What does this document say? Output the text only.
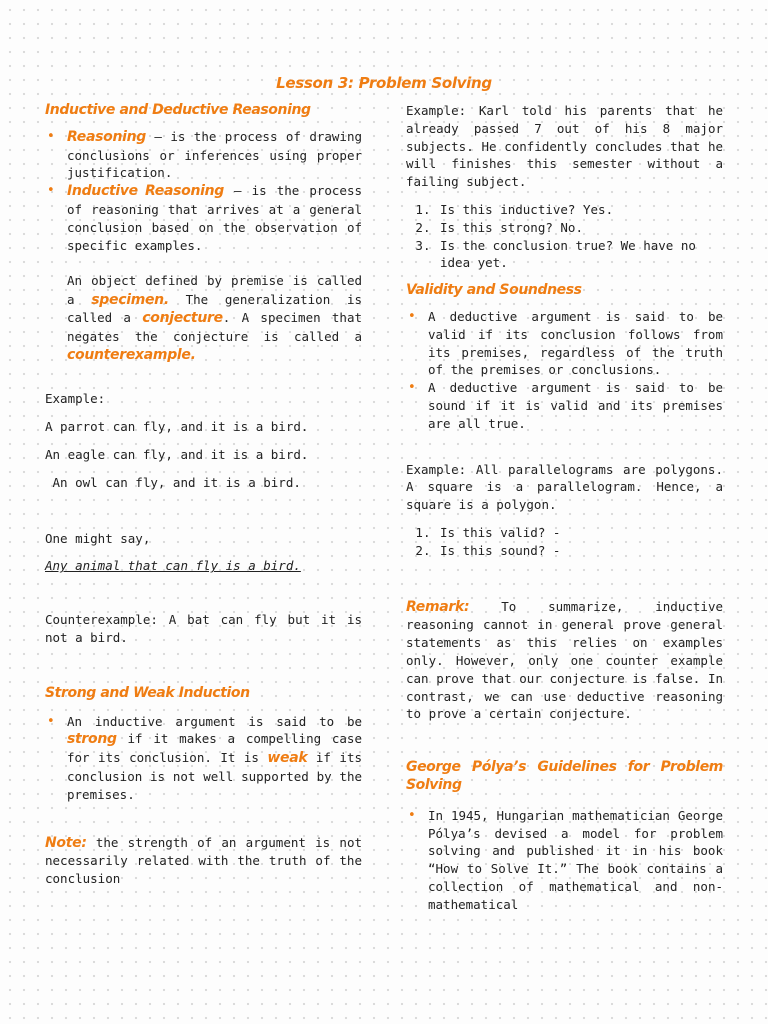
Lesson 3: Problem Solving
Inductive and Deductive Reasoning
• Reasoning – is the process of drawing conclusions or inferences using proper justification.
• Inductive Reasoning — is the process of reasoning that arrives at a general conclusion based on the observation of specific examples.

An object defined by premise is called a specimen. The generalization is called a conjecture. A specimen that negates the conjecture is called a counterexample.

Example:

A parrot can fly, and it is a bird.

An eagle can fly, and it is a bird.

An owl can fly, and it is a bird.

One might say,

Any animal that can fly is a bird.

Counterexample: A bat can fly but it is not a bird.

Strong and Weak Induction
• An inductive argument is said to be strong if it makes a compelling case for its conclusion. It is weak if its conclusion is not well supported by the premises.

Note: the strength of an argument is not necessarily related with the truth of the conclusion

Example: Karl told his parents that he already passed 7 out of his 8 major subjects. He confidently concludes that he will finishes this semester without a failing subject.

1. Is this inductive? Yes.
2. Is this strong? No.
3. Is the conclusion true? We have no idea yet.
Validity and Soundness
• A deductive argument is said to be valid if its conclusion follows from its premises, regardless of the truth of the premises or conclusions.
• A deductive argument is said to be sound if it is valid and its premises are all true.

Example: All parallelograms are polygons. A square is a parallelogram. Hence, a square is a polygon.

1. Is this valid? -
2. Is this sound? -

Remark: To summarize, inductive reasoning cannot in general prove general statements as this relies on examples only. However, only one counter example can prove that our conjecture is false. In contrast, we can use deductive reasoning to prove a certain conjecture.

George Pólya’s Guidelines for Problem Solving
• In 1945, Hungarian mathematician George Pólya’s devised a model for problem solving and published it in his book “How to Solve It.” The book contains a collection of mathematical and non-mathematical
